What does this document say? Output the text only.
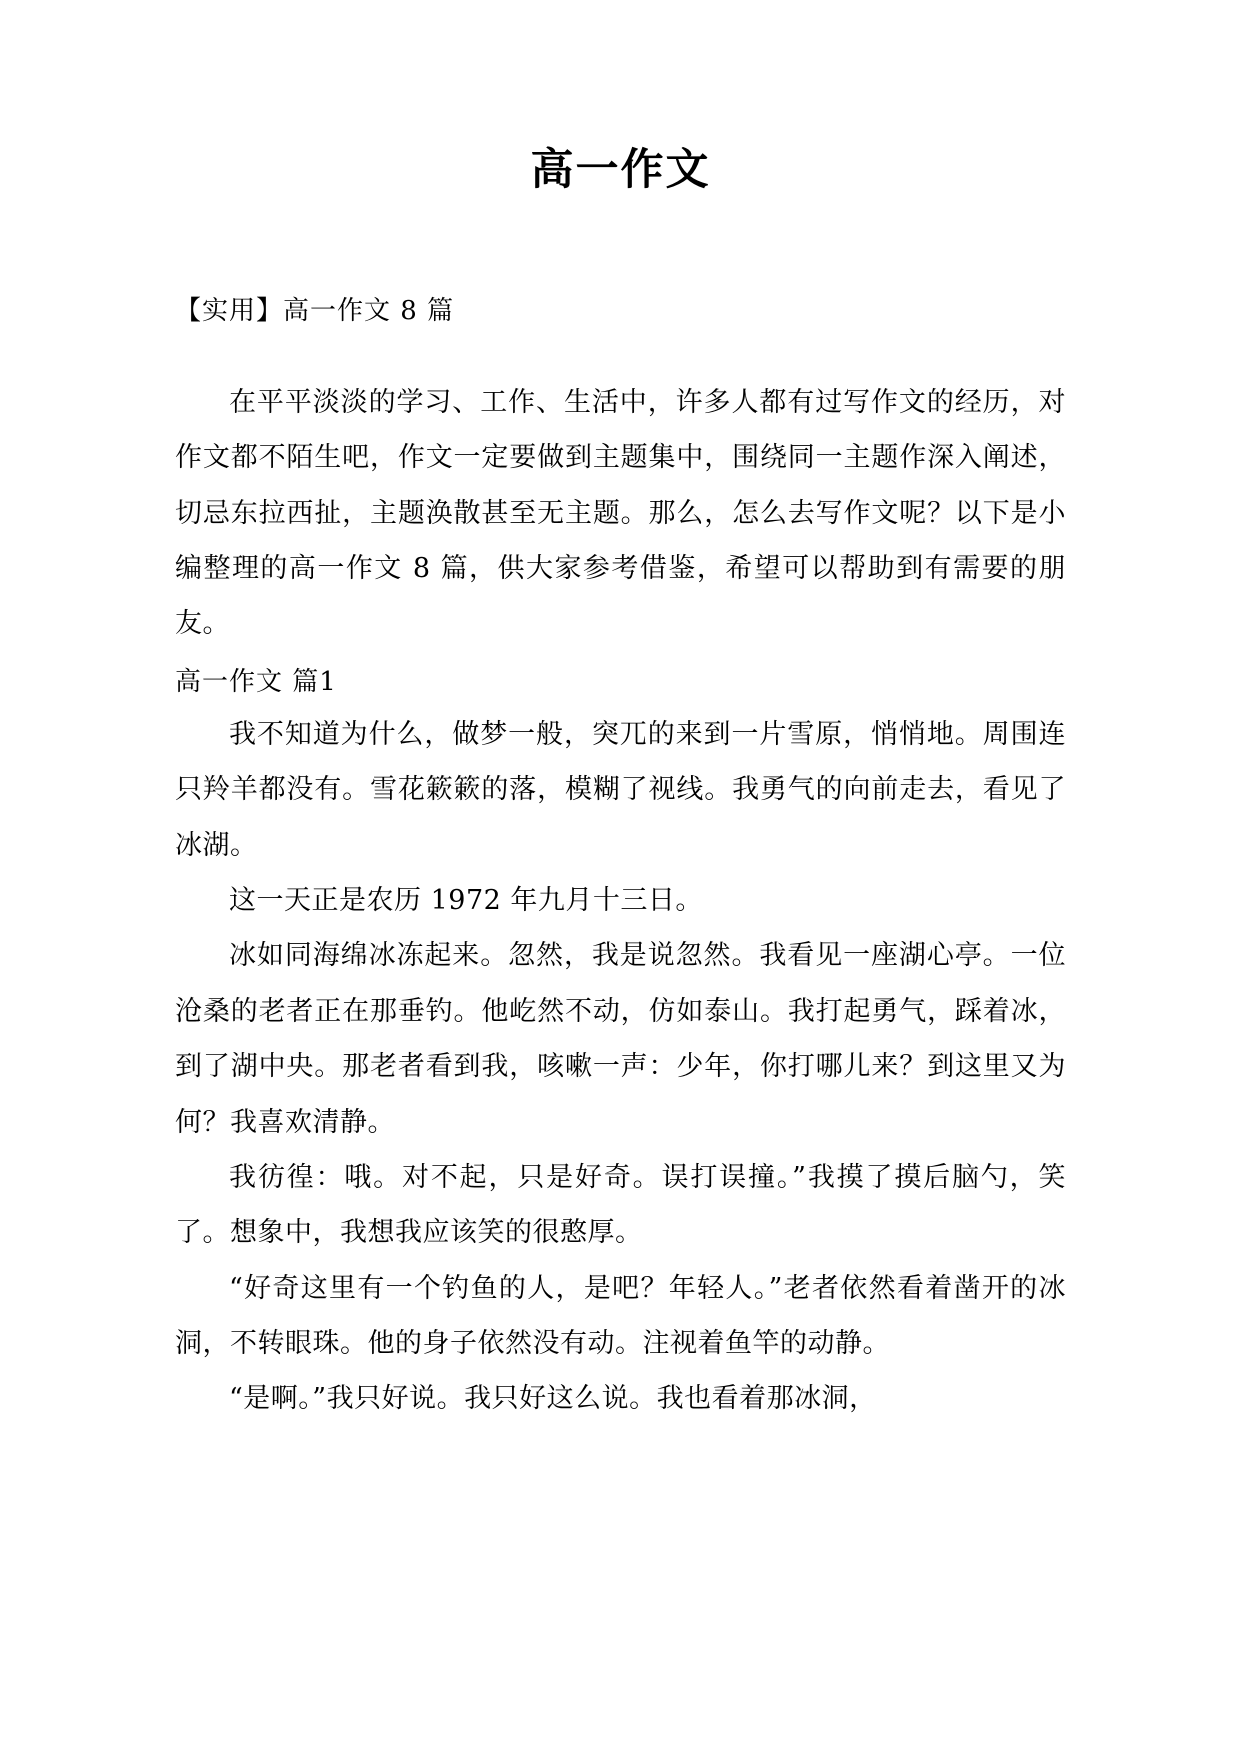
高一作文
【实用】高一作文 8 篇

在平平淡淡的学习、工作、生活中，许多人都有过写作文的经历，对作文都不陌生吧，作文一定要做到主题集中，围绕同一主题作深入阐述，切忌东拉西扯，主题涣散甚至无主题。那么，怎么去写作文呢？以下是小编整理的高一作文 8 篇，供大家参考借鉴，希望可以帮助到有需要的朋友。

高一作文 篇1

我不知道为什么，做梦一般，突兀的来到一片雪原，悄悄地。周围连只羚羊都没有。雪花簌簌的落，模糊了视线。我勇气的向前走去，看见了冰湖。

这一天正是农历 1972 年九月十三日。

冰如同海绵冰冻起来。忽然，我是说忽然。我看见一座湖心亭。一位沧桑的老者正在那垂钓。他屹然不动，仿如泰山。我打起勇气，踩着冰，到了湖中央。那老者看到我，咳嗽一声：少年，你打哪儿来？到这里又为何？我喜欢清静。

我彷徨：哦。对不起，只是好奇。误打误撞。”我摸了摸后脑勺，笑了。想象中，我想我应该笑的很憨厚。

“好奇这里有一个钓鱼的人，是吧？年轻人。”老者依然看着凿开的冰洞，不转眼珠。他的身子依然没有动。注视着鱼竿的动静。

“是啊。”我只好说。我只好这么说。我也看着那冰洞，
